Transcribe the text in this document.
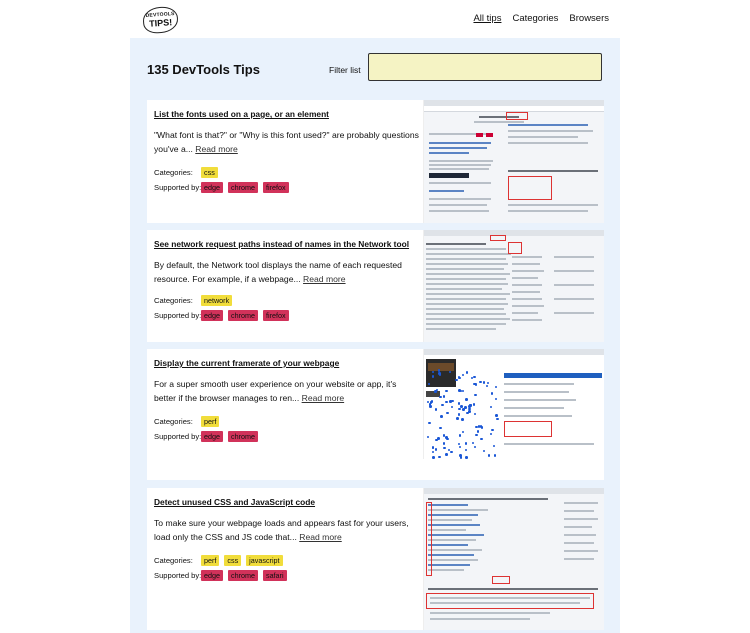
DEVTOOLS
TIPS!	All tips Categories Browsers
135 DevTools Tips	Filter list
List the fonts used on a page, or an element
"What font is that?" or "Why is this font used?" are probably questions you've a... Read more
Categories:	css
Supported by: edge	chrome	firefox
See network request paths instead of names in the Network tool
By default, the Network tool displays the name of each requested resource. For example, if a webpage... Read more
Categories:	network
Supported by: edge	chrome	firefox
Display the current framerate of your webpage
For a super smooth user experience on your website or app, it's better if the browser manages to ren... Read more
Categories:	perf
Supported by: edge	chrome
Detect unused CSS and JavaScript code
To make sure your webpage loads and appears fast for your users, load only the CSS and JS code that... Read more
Categories:	perf	css	javascript
Supported by: edge	chrome	safari
